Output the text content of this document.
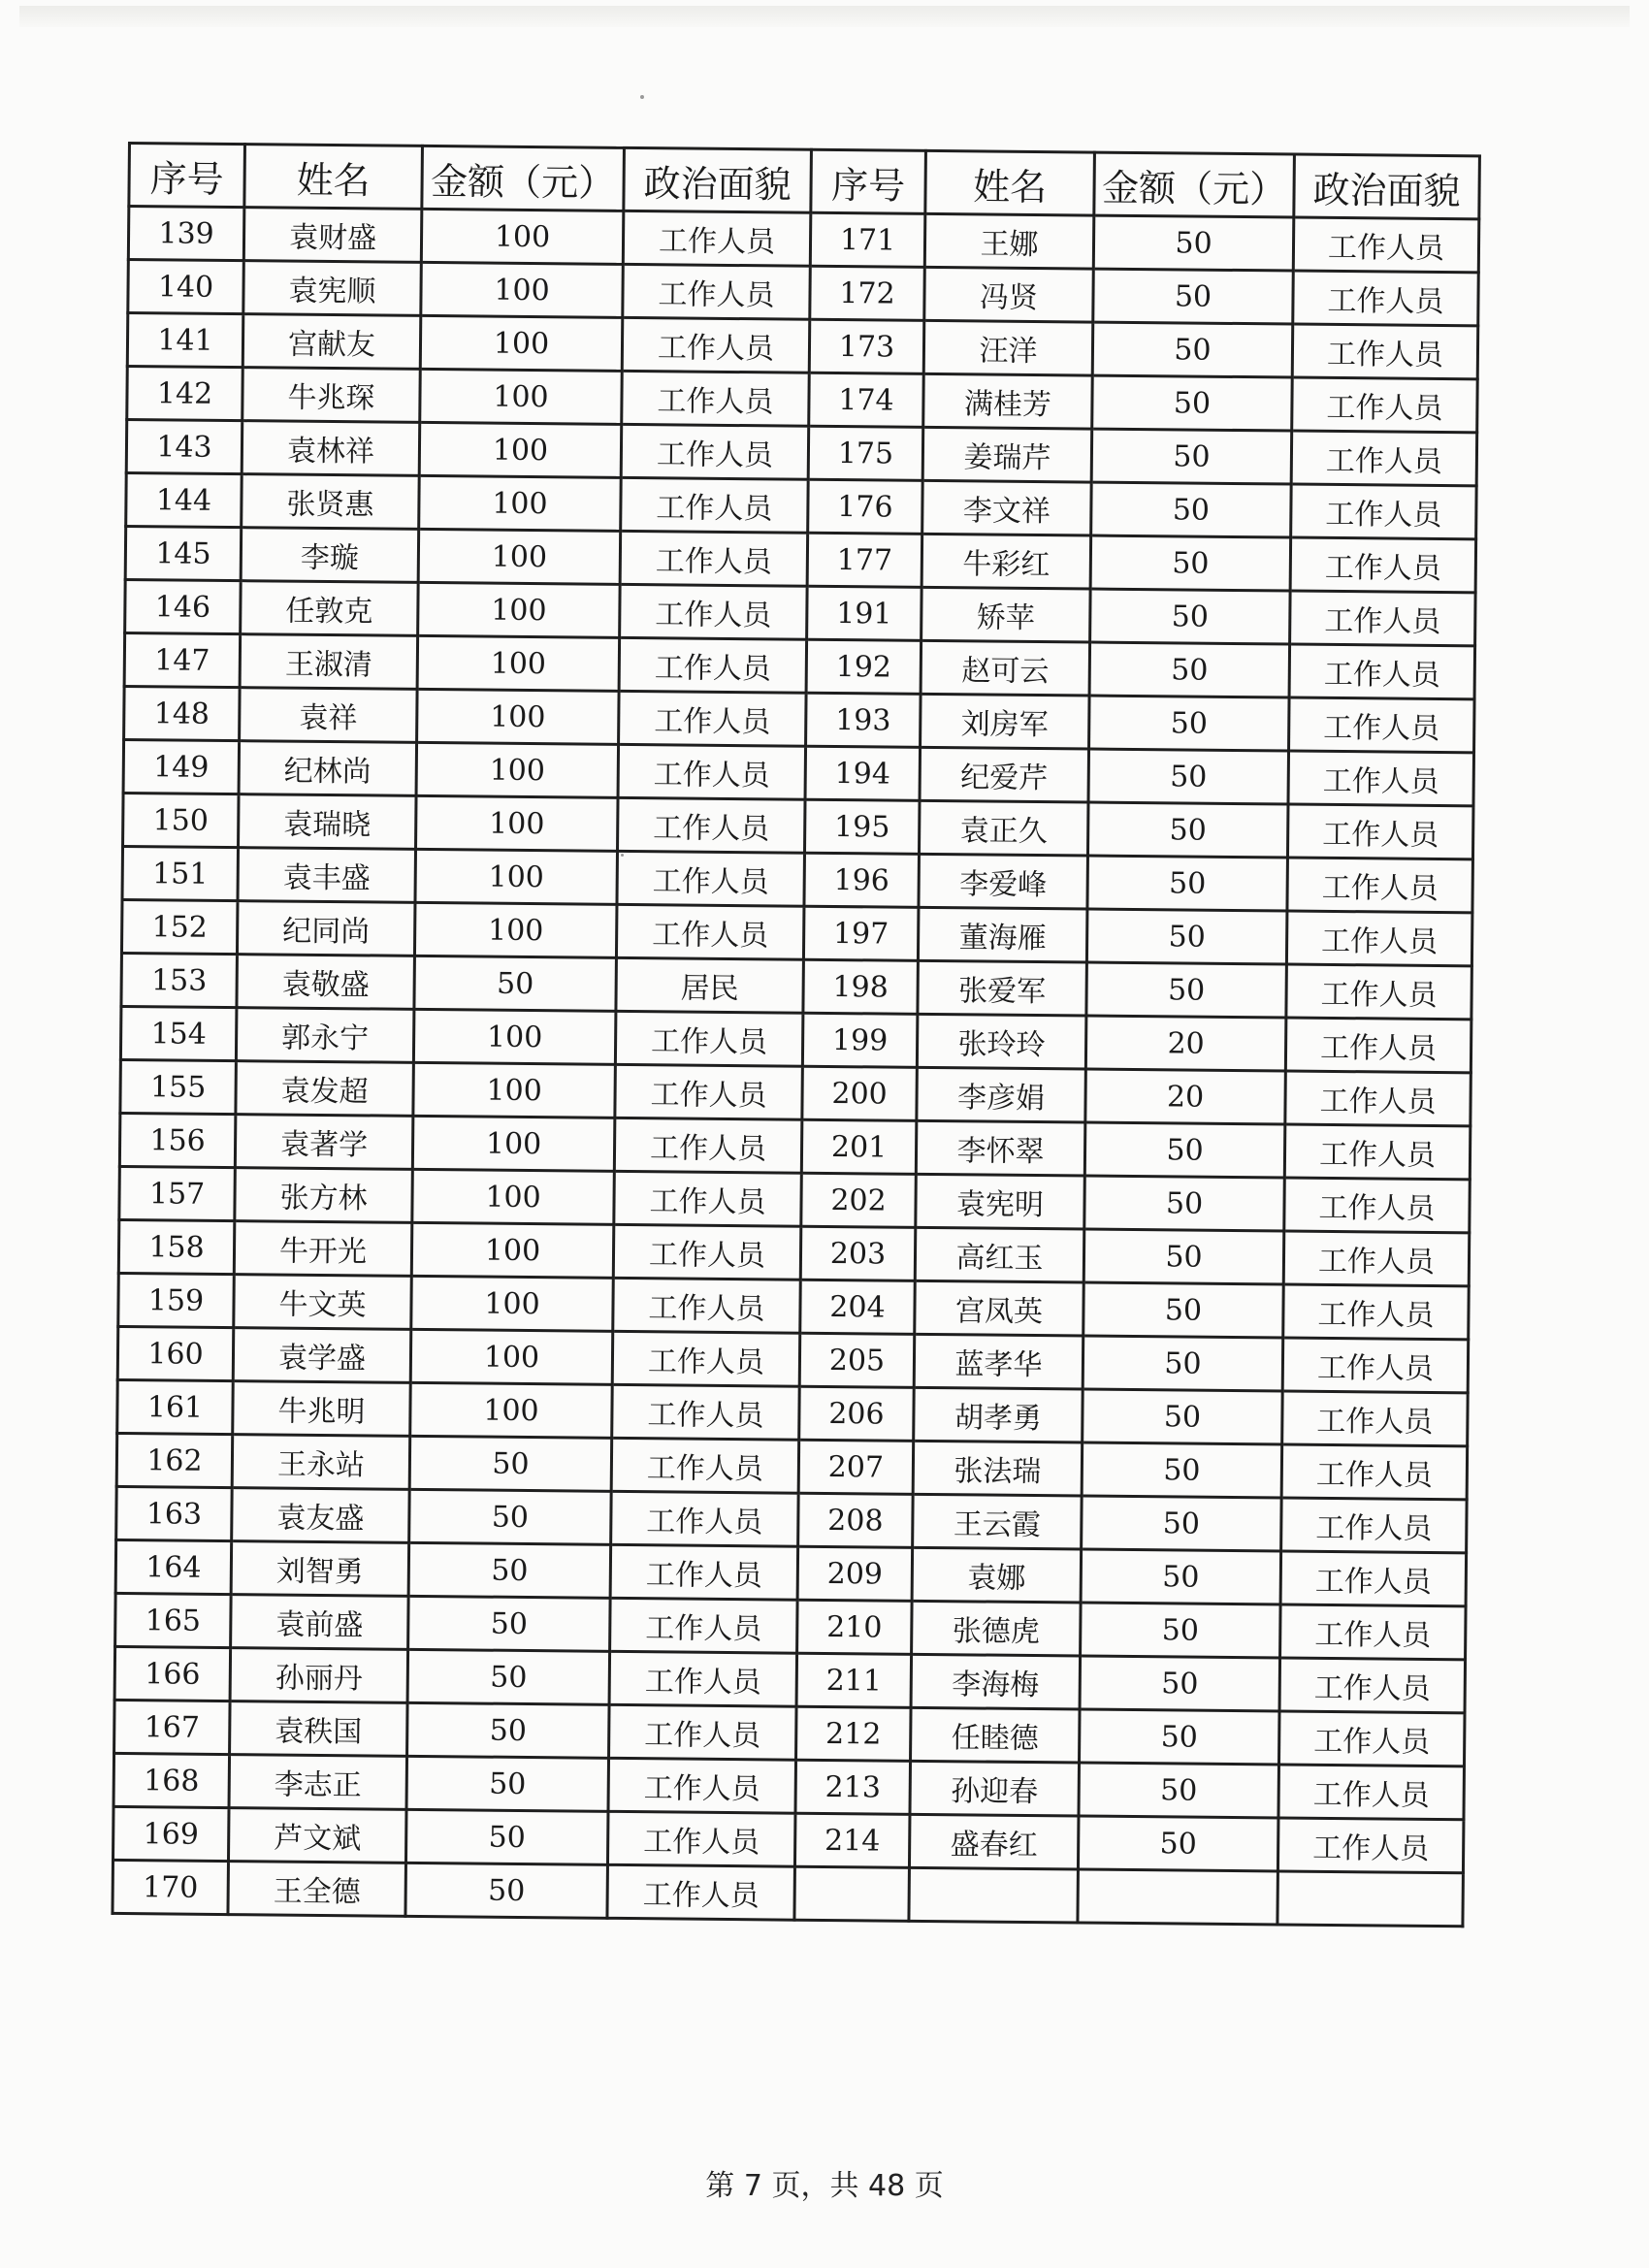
序号	姓名	金额（元）	政治面貌	序号	姓名	金额（元）	政治面貌
139	袁财盛	100	工作人员	171	王娜	50	工作人员
140	袁宪顺	100	工作人员	172	冯贤	50	工作人员
141	宫献友	100	工作人员	173	汪洋	50	工作人员
142	牛兆琛	100	工作人员	174	满桂芳	50	工作人员
143	袁林祥	100	工作人员	175	姜瑞芹	50	工作人员
144	张贤惠	100	工作人员	176	李文祥	50	工作人员
145	李璇	100	工作人员	177	牛彩红	50	工作人员
146	任敦克	100	工作人员	191	矫苹	50	工作人员
147	王淑清	100	工作人员	192	赵可云	50	工作人员
148	袁祥	100	工作人员	193	刘房军	50	工作人员
149	纪林尚	100	工作人员	194	纪爱芹	50	工作人员
150	袁瑞晓	100	工作人员	195	袁正久	50	工作人员
151	袁丰盛	100	工作人员	196	李爱峰	50	工作人员
152	纪同尚	100	工作人员	197	董海雁	50	工作人员
153	袁敬盛	50	居民	198	张爱军	50	工作人员
154	郭永宁	100	工作人员	199	张玲玲	20	工作人员
155	袁发超	100	工作人员	200	李彦娟	20	工作人员
156	袁著学	100	工作人员	201	李怀翠	50	工作人员
157	张方林	100	工作人员	202	袁宪明	50	工作人员
158	牛开光	100	工作人员	203	高红玉	50	工作人员
159	牛文英	100	工作人员	204	宫凤英	50	工作人员
160	袁学盛	100	工作人员	205	蓝孝华	50	工作人员
161	牛兆明	100	工作人员	206	胡孝勇	50	工作人员
162	王永站	50	工作人员	207	张法瑞	50	工作人员
163	袁友盛	50	工作人员	208	王云霞	50	工作人员
164	刘智勇	50	工作人员	209	袁娜	50	工作人员
165	袁前盛	50	工作人员	210	张德虎	50	工作人员
166	孙丽丹	50	工作人员	211	李海梅	50	工作人员
167	袁秩国	50	工作人员	212	任睦德	50	工作人员
168	李志正	50	工作人员	213	孙迎春	50	工作人员
169	芦文斌	50	工作人员	214	盛春红	50	工作人员
170	王全德	50	工作人员				
第 7 页，共 48 页
